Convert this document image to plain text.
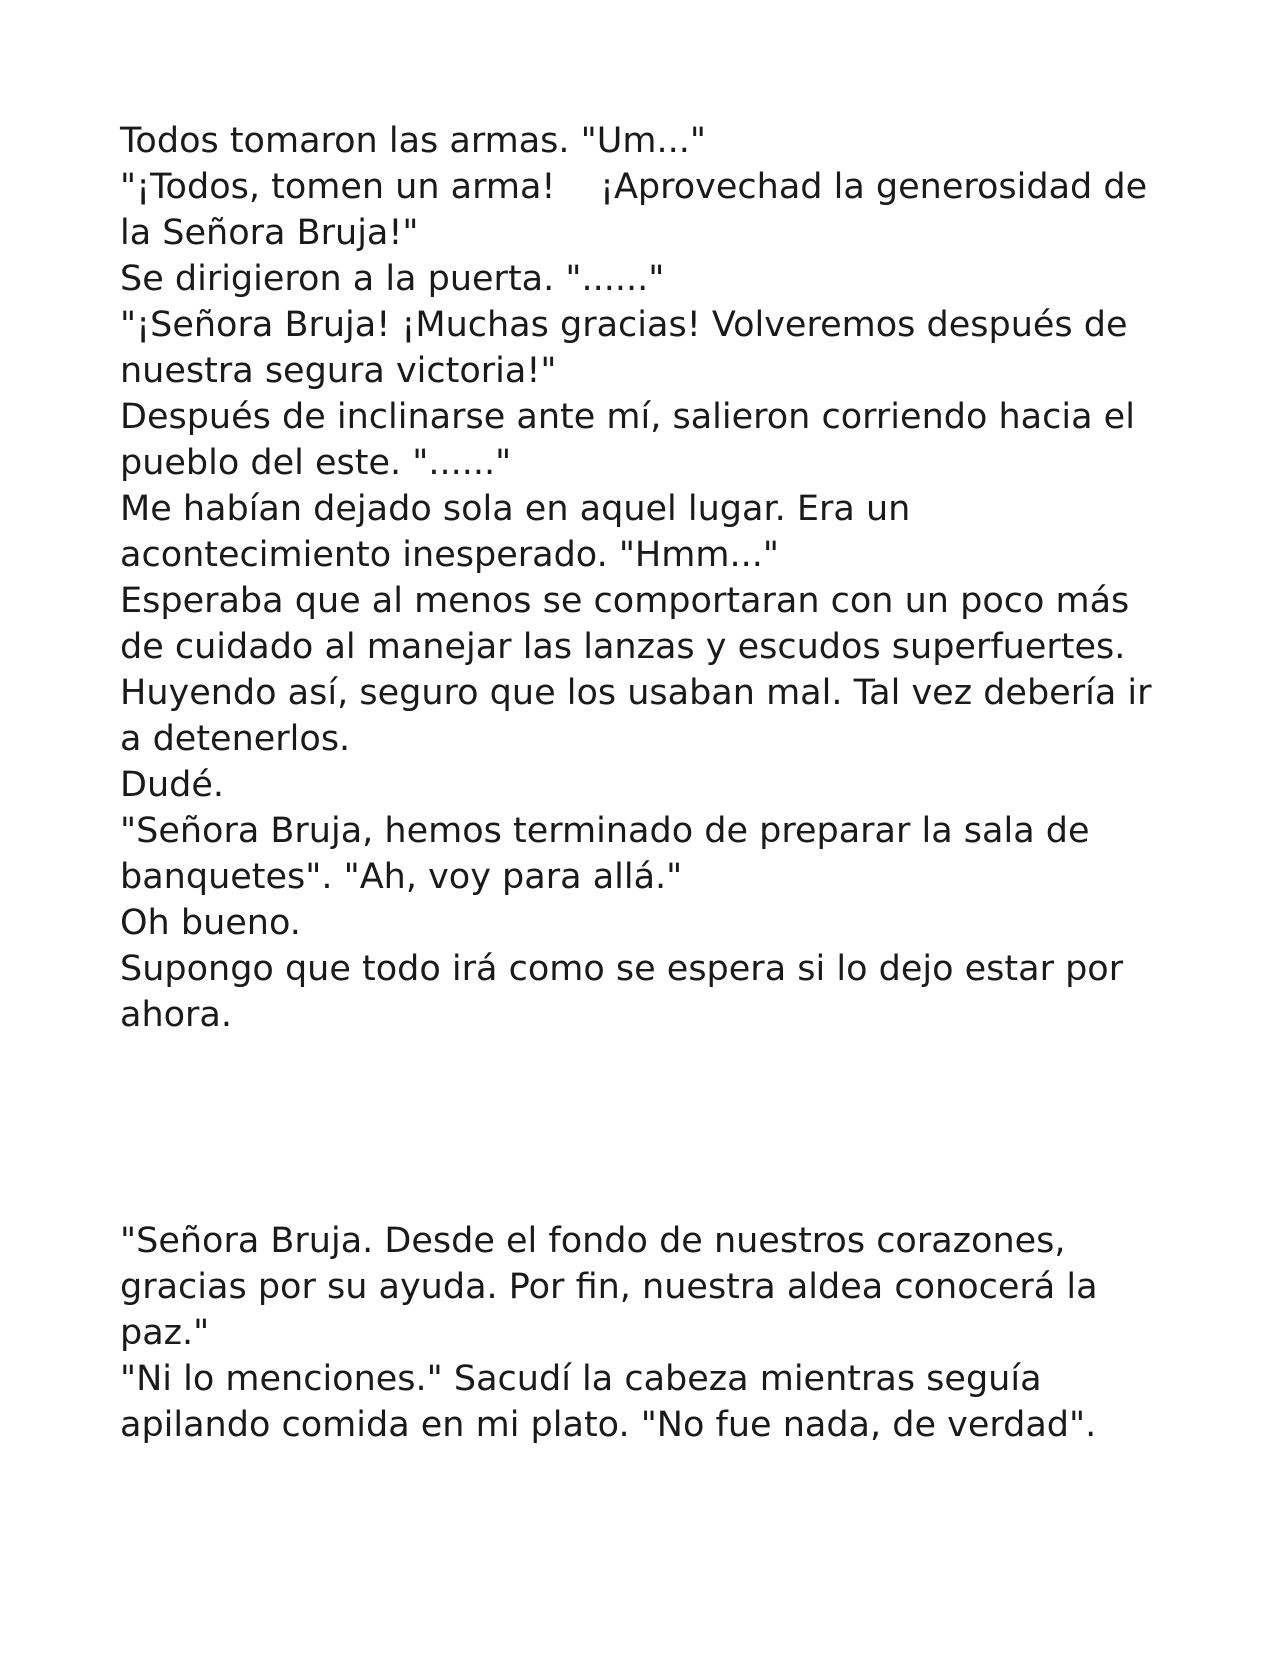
Todos tomaron las armas. "Um..."

"¡Todos, tomen un arma!    ¡Aprovechad la generosidad de la Señora Bruja!"

Se dirigieron a la puerta. "......"

"¡Señora Bruja! ¡Muchas gracias! Volveremos después de nuestra segura victoria!"

Después de inclinarse ante mí, salieron corriendo hacia el pueblo del este. "......"

Me habían dejado sola en aquel lugar. Era un acontecimiento inesperado. "Hmm..."

Esperaba que al menos se comportaran con un poco más de cuidado al manejar las lanzas y escudos superfuertes.

Huyendo así, seguro que los usaban mal. Tal vez debería ir a detenerlos.

Dudé.

"Señora Bruja, hemos terminado de preparar la sala de banquetes". "Ah, voy para allá."

Oh bueno.

Supongo que todo irá como se espera si lo dejo estar por ahora.

"Señora Bruja. Desde el fondo de nuestros corazones, gracias por su ayuda. Por fin, nuestra aldea conocerá la paz."

"Ni lo menciones." Sacudí la cabeza mientras seguía apilando comida en mi plato. "No fue nada, de verdad".
